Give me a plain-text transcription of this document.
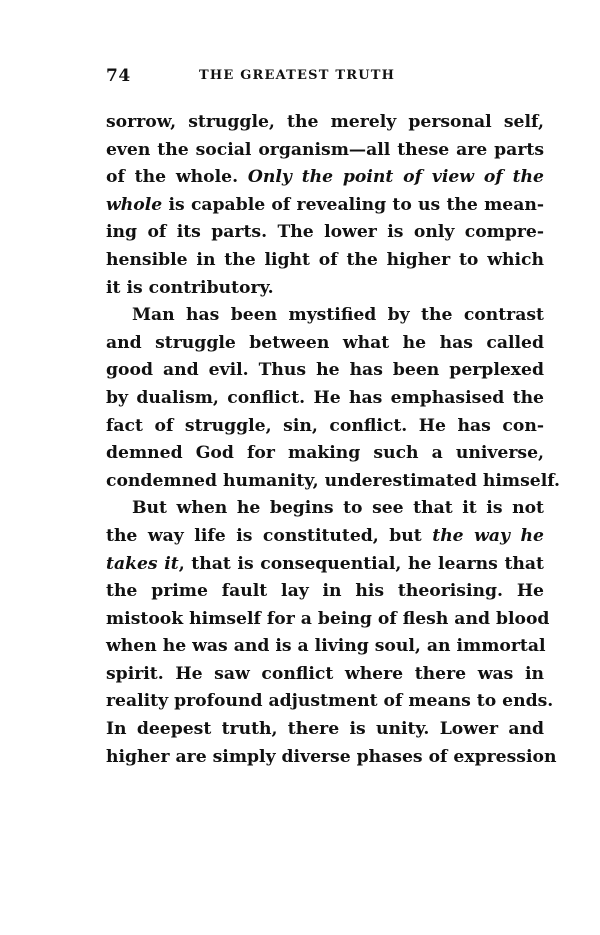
74	THE GREATEST TRUTH
sorrow, struggle, the merely personal self,
even the social organism—all these are parts
of the whole. Only the point of view of the
whole is capable of revealing to us the mean-
ing of its parts. The lower is only compre-
hensible in the light of the higher to which
it is contributory.
Man has been mystified by the contrast
and struggle between what he has called
good and evil. Thus he has been perplexed
by dualism, conflict. He has emphasised the
fact of struggle, sin, conflict. He has con-
demned God for making such a universe,
condemned humanity, underestimated himself.
But when he begins to see that it is not
the way life is constituted, but the way he
takes it, that is consequential, he learns that
the prime fault lay in his theorising. He
mistook himself for a being of flesh and blood
when he was and is a living soul, an immortal
spirit. He saw conflict where there was in
reality profound adjustment of means to ends.
In deepest truth, there is unity. Lower and
higher are simply diverse phases of expression
